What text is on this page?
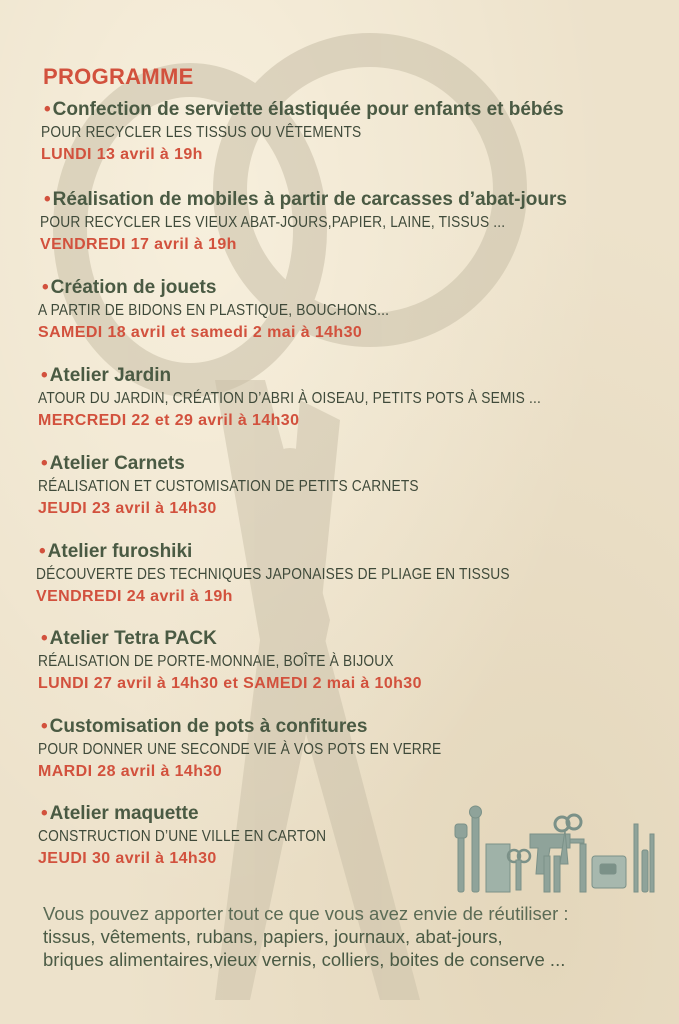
PROGRAMME
• Confection de serviette élastiquée pour enfants et bébés
POUR RECYCLER LES TISSUS OU VÊTEMENTS
LUNDI 13 avril à 19h
• Réalisation de mobiles à partir de carcasses d’abat-jours
POUR RECYCLER LES VIEUX ABAT-JOURS,PAPIER, LAINE, TISSUS ...
VENDREDI 17 avril à 19h
• Création de jouets
A PARTIR DE BIDONS EN PLASTIQUE, BOUCHONS...
SAMEDI 18 avril et samedi 2 mai à 14h30
• Atelier Jardin
ATOUR DU JARDIN, CRÉATION D’ABRI À OISEAU, PETITS POTS À SEMIS ...
MERCREDI 22 et 29 avril à 14h30
• Atelier Carnets
RÉALISATION ET CUSTOMISATION DE PETITS CARNETS
JEUDI 23 avril à 14h30
• Atelier furoshiki
DÉCOUVERTE DES TECHNIQUES JAPONAISES DE PLIAGE EN TISSUS
VENDREDI 24 avril à 19h
• Atelier Tetra PACK
RÉALISATION DE PORTE-MONNAIE, BOÎTE À BIJOUX
LUNDI 27 avril à 14h30 et SAMEDI 2 mai à 10h30
• Customisation de pots à confitures
POUR DONNER UNE SECONDE VIE À VOS POTS EN VERRE
MARDI 28 avril à 14h30
• Atelier maquette
CONSTRUCTION D’UNE VILLE EN CARTON
JEUDI 30 avril à 14h30
Vous pouvez apporter tout ce que vous avez envie de réutiliser :
tissus, vêtements, rubans, papiers, journaux, abat-jours,
briques alimentaires,vieux vernis, colliers, boites de conserve ...
